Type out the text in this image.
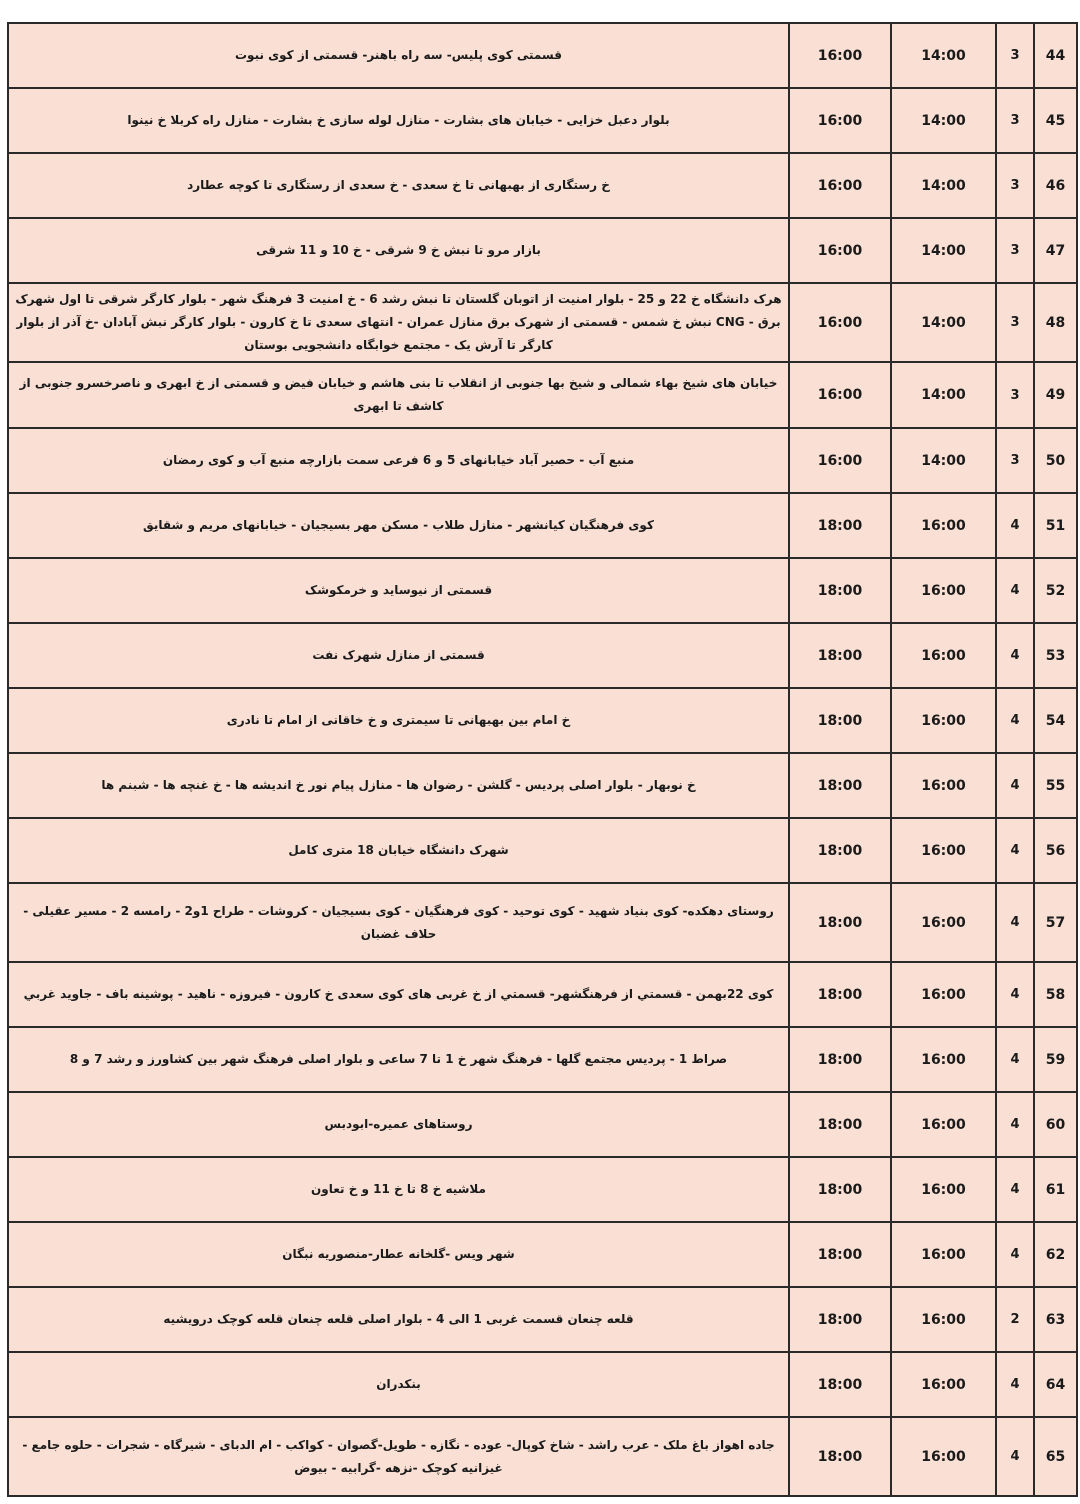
44	3	14:00	16:00	قسمتی کوی پلیس- سه راه باهنر- قسمتی از کوی نبوت
45	3	14:00	16:00	بلوار دعبل خزایی - خیابان های بشارت - منازل لوله سازی خ بشارت - منازل راه کربلا خ نینوا
46	3	14:00	16:00	خ رستگاری از بهبهانی تا خ سعدی - خ سعدی از رستگاری تا کوچه عطارد
47	3	14:00	16:00	بازار مرو تا نبش خ 9 شرقی - خ 10 و 11 شرقی
48	3	14:00	16:00	هرک دانشگاه خ 22 و 25 - بلوار امنیت از اتوبان گلستان تا نبش رشد 6 - خ امنیت 3 فرهنگ شهر - بلوار کارگر شرقی تا اول شهرک برق - CNG نبش خ شمس - قسمتی از شهرک برق منازل عمران - انتهای سعدی تا خ کارون - بلوار کارگر نبش آبادان -خ آذر از بلوار کارگر تا آرش یک - مجتمع خوابگاه دانشجویی بوستان
49	3	14:00	16:00	خیابان های شیخ بهاء شمالی و شیخ بها جنوبی از انقلاب تا بنی هاشم و خیابان فیض و قسمتی از خ ابهری و ناصرخسرو جنوبی از کاشف تا ابهری
50	3	14:00	16:00	منبع آب - حصیر آباد خیابانهای 5 و 6 فرعی سمت بازارچه منبع آب و کوی رمضان
51	4	16:00	18:00	کوی فرهنگیان کیانشهر - منازل طلاب - مسکن مهر بسیجیان - خیابانهای مریم و شقایق
52	4	16:00	18:00	قسمتی از نیوساید و خرمکوشک
53	4	16:00	18:00	قسمتی از منازل شهرک نفت
54	4	16:00	18:00	خ امام بین بهبهانی تا سیمتری و خ خاقانی از امام تا نادری
55	4	16:00	18:00	خ نوبهار - بلوار اصلی پردیس - گلشن - رضوان ها - منازل پیام نور خ اندیشه ها - خ غنچه ها - شبنم ها
56	4	16:00	18:00	شهرک دانشگاه خیابان 18 متری کامل
57	4	16:00	18:00	روستای دهکده- کوی بنیاد شهید - کوی توحید - کوی فرهنگیان - کوی بسیجیان - کروشات - طراح 1و2 - رامسه 2 - مسیر عقیلی - حلاف غضبان
58	4	16:00	18:00	کوی 22بهمن - قسمتي از فرهنگشهر- قسمتي از خ غربی های کوی سعدی خ کارون - فیروزه - ناهید - پوشینه باف - جاوید غربي
59	4	16:00	18:00	صراط 1 - پردیس مجتمع گلها - فرهنگ شهر خ 1 تا 7 ساعی و بلوار اصلی فرهنگ شهر بین کشاورز و رشد 7 و 8
60	4	16:00	18:00	روستاهای عمیره-ابودبس
61	4	16:00	18:00	ملاشیه خ 8 تا خ 11 و خ تعاون
62	4	16:00	18:00	شهر ویس -گلخانه عطار-منصوریه نبگان
63	2	16:00	18:00	قلعه چنعان قسمت غربی 1 الی 4 - بلوار اصلی قلعه چنعان قلعه کوچک درویشیه
64	4	16:00	18:00	بنکدران
65	4	16:00	18:00	جاده اهواز باغ ملک - عرب راشد - شاخ کوپال- عوده - نگازه - طویل-گصوان - کواکب - ام الدبای - شیرگاه - شجرات - حلوه جامع - غیزانیه کوچک -نزهه -گرابیه - بیوض
